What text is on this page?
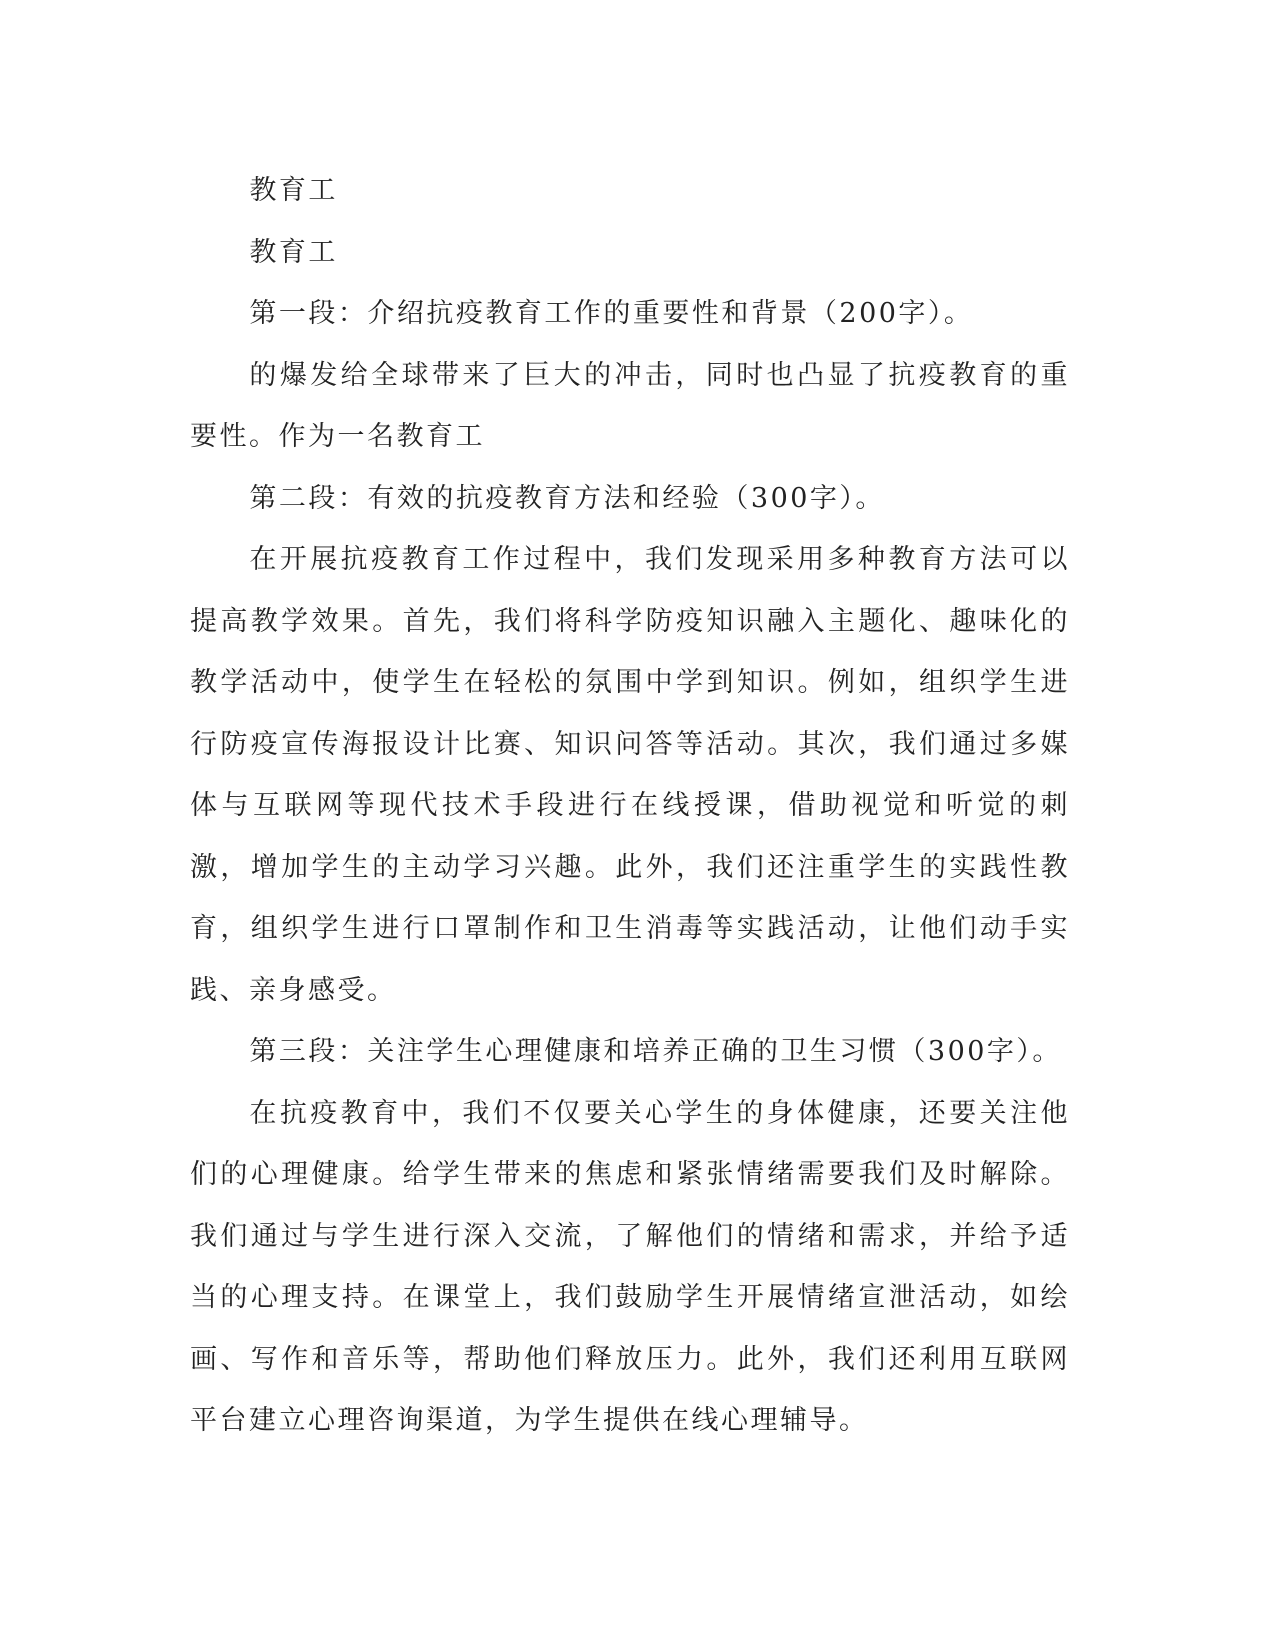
教育工

教育工

第一段：介绍抗疫教育工作的重要性和背景（200字）。

的爆发给全球带来了巨大的冲击，同时也凸显了抗疫教育的重要性。作为一名教育工

第二段：有效的抗疫教育方法和经验（300字）。

在开展抗疫教育工作过程中，我们发现采用多种教育方法可以提高教学效果。首先，我们将科学防疫知识融入主题化、趣味化的教学活动中，使学生在轻松的氛围中学到知识。例如，组织学生进行防疫宣传海报设计比赛、知识问答等活动。其次，我们通过多媒体与互联网等现代技术手段进行在线授课，借助视觉和听觉的刺激，增加学生的主动学习兴趣。此外，我们还注重学生的实践性教育，组织学生进行口罩制作和卫生消毒等实践活动，让他们动手实践、亲身感受。

第三段：关注学生心理健康和培养正确的卫生习惯（300字）。

在抗疫教育中，我们不仅要关心学生的身体健康，还要关注他们的心理健康。给学生带来的焦虑和紧张情绪需要我们及时解除。我们通过与学生进行深入交流，了解他们的情绪和需求，并给予适当的心理支持。在课堂上，我们鼓励学生开展情绪宣泄活动，如绘画、写作和音乐等，帮助他们释放压力。此外，我们还利用互联网平台建立心理咨询渠道，为学生提供在线心理辅导。
